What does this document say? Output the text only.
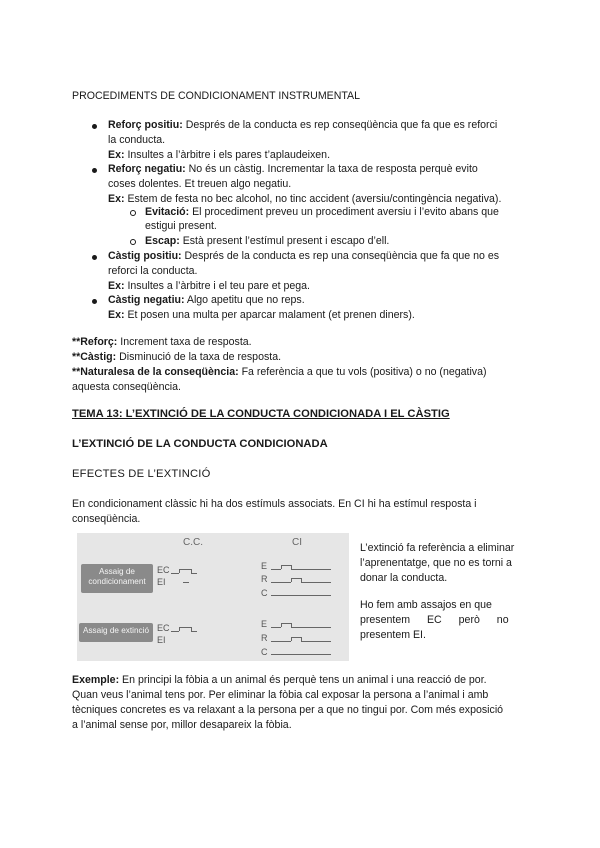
PROCEDIMENTS DE CONDICIONAMENT INSTRUMENTAL
Reforç positiu: Després de la conducta es rep conseqüència que fa que es reforci
la conducta.
Ex: Insultes a l’àrbitre i els pares t’aplaudeixen.
Reforç negatiu: No és un càstig. Incrementar la taxa de resposta perquè evito
coses dolentes. Et treuen algo negatiu.
Ex: Estem de festa no bec alcohol, no tinc accident (aversiu/contingència negativa).
Evitació: El procediment preveu un procediment aversiu i l’evito abans que
estigui present.
Escap: Està present l’estímul present i escapo d’ell.
Càstig positiu: Després de la conducta es rep una conseqüència que fa que no es
reforci la conducta.
Ex: Insultes a l’àrbitre i el teu pare et pega.
Càstig negatiu: Algo apetitu que no reps.
Ex: Et posen una multa per aparcar malament (et prenen diners).
**Reforç: Increment taxa de resposta.
**Càstig: Disminució de la taxa de resposta.
**Naturalesa de la conseqüència: Fa referència a que tu vols (positiva) o no (negativa)
aquesta conseqüència.
TEMA 13: L’EXTINCIÓ DE LA CONDUCTA CONDICIONADA I EL CÀSTIG
L’EXTINCIÓ DE LA CONDUCTA CONDICIONADA
EFECTES DE L’EXTINCIÓ
En condicionament clàssic hi ha dos estímuls associats. En CI hi ha estímul resposta i
conseqüència.
C.C.	CI
Assaig de
condicionament
Assaig de extinció
EC
EI
E
R
C
EC
EI
E
R
C
L’extinció fa referència a eliminar
l’aprenentatge, que no es torni a
donar la conducta.
Ho fem amb assajos en que
presentem EC però no
presentem EI.
Exemple: En principi la fòbia a un animal és perquè tens un animal i una reacció de por.
Quan veus l’animal tens por. Per eliminar la fòbia cal exposar la persona a l’animal i amb
tècniques concretes es va relaxant a la persona per a que no tingui por. Com més exposició
a l’animal sense por, millor desapareix la fòbia.
